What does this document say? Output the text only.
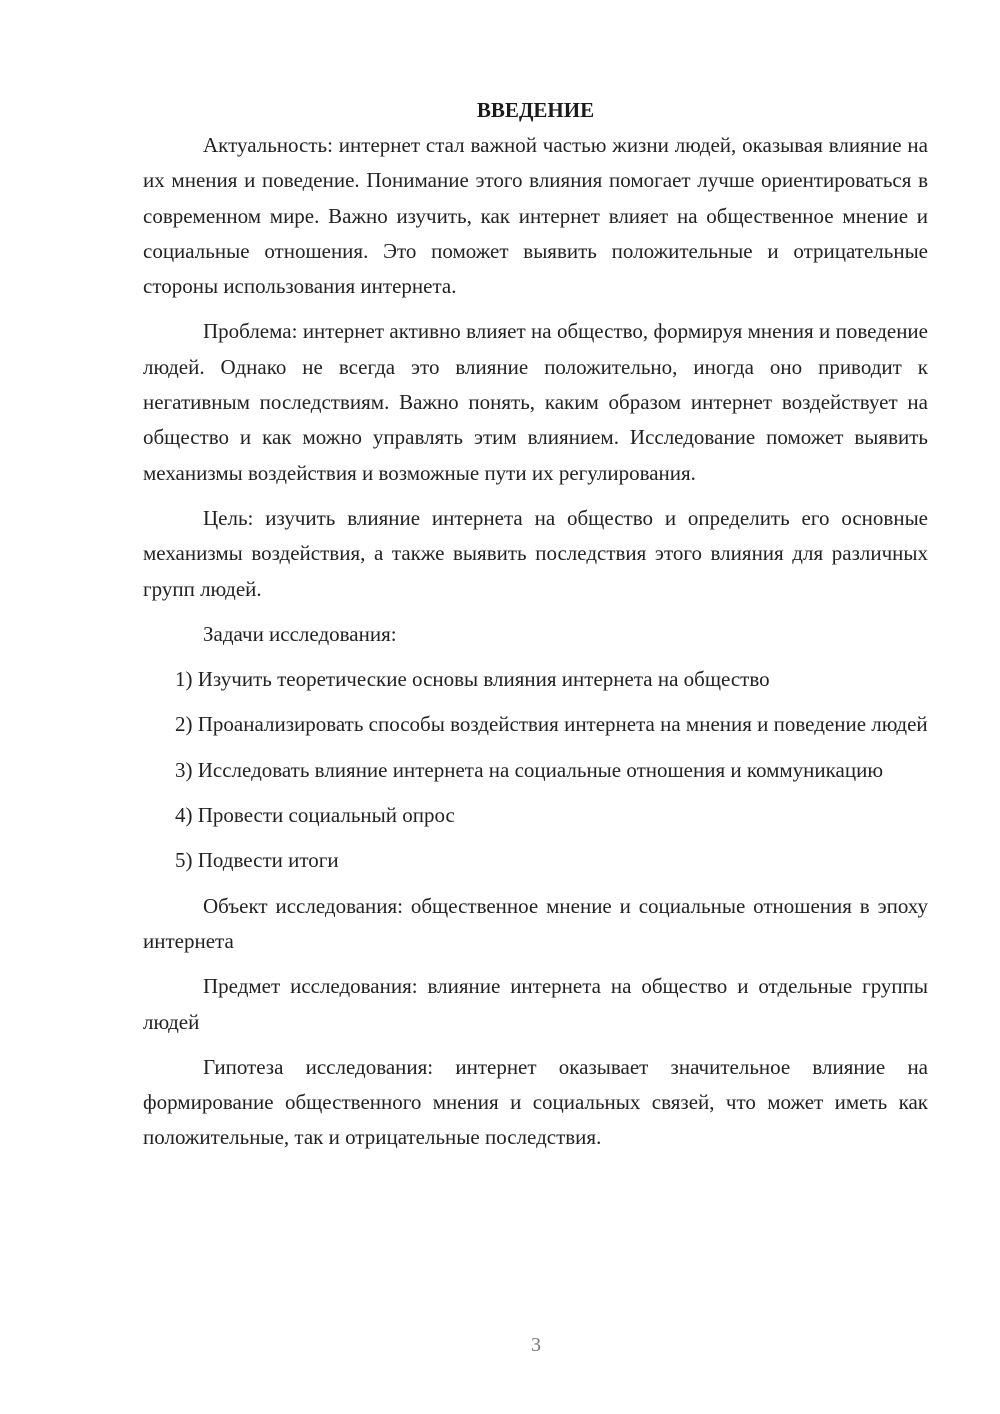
ВВЕДЕНИЕ

Актуальность: интернет стал важной частью жизни людей, оказывая влияние на их мнения и поведение. Понимание этого влияния помогает лучше ориентироваться в современном мире. Важно изучить, как интернет влияет на общественное мнение и социальные отношения. Это поможет выявить положительные и отрицательные стороны использования интернета.

Проблема: интернет активно влияет на общество, формируя мнения и поведение людей. Однако не всегда это влияние положительно, иногда оно приводит к негативным последствиям. Важно понять, каким образом интернет воздействует на общество и как можно управлять этим влиянием. Исследование поможет выявить механизмы воздействия и возможные пути их регулирования.

Цель: изучить влияние интернета на общество и определить его основные механизмы воздействия, а также выявить последствия этого влияния для различных групп людей.

Задачи исследования:

1) Изучить теоретические основы влияния интернета на общество

2) Проанализировать способы воздействия интернета на мнения и поведение людей

3) Исследовать влияние интернета на социальные отношения и коммуникацию

4) Провести социальный опрос

5) Подвести итоги

Объект исследования: общественное мнение и социальные отношения в эпоху интернета

Предмет исследования: влияние интернета на общество и отдельные группы людей

Гипотеза исследования: интернет оказывает значительное влияние на формирование общественного мнения и социальных связей, что может иметь как положительные, так и отрицательные последствия.

3
